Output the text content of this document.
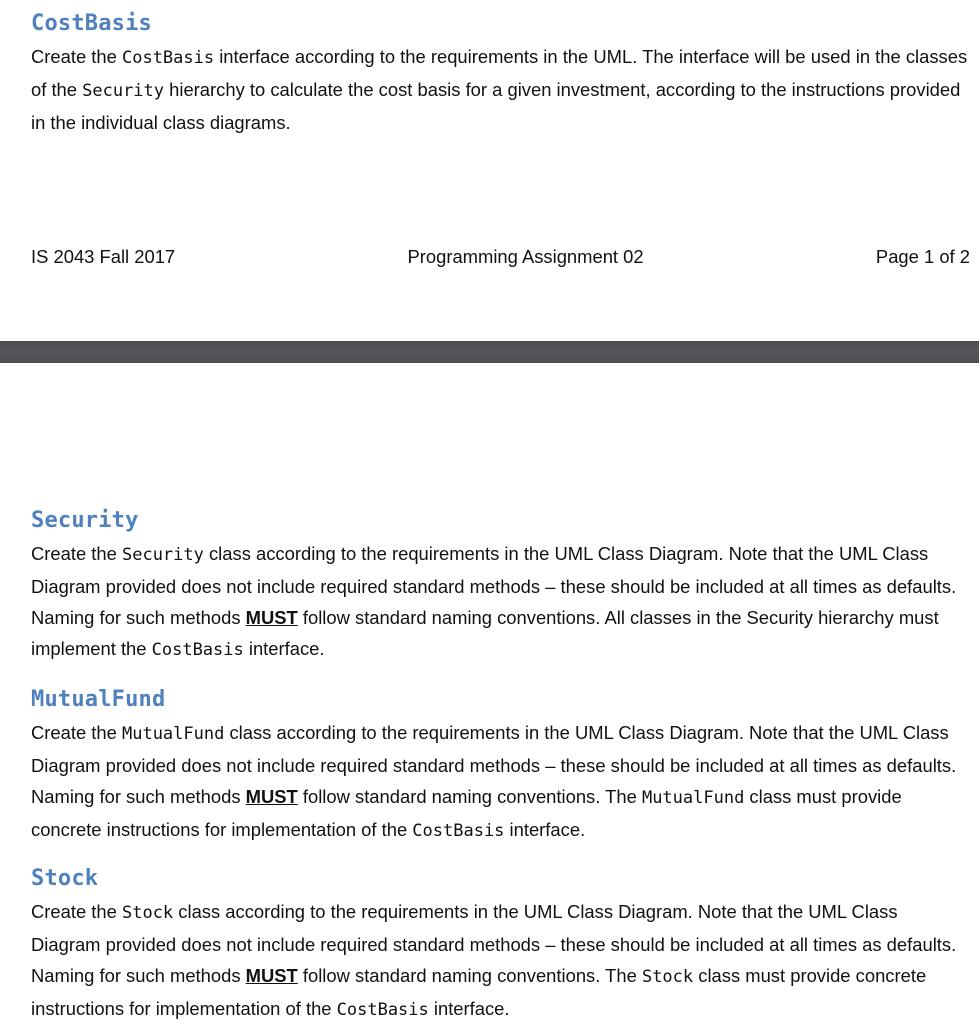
CostBasis

Create the CostBasis interface according to the requirements in the UML. The interface will be used in the classes of the Security hierarchy to calculate the cost basis for a given investment, according to the instructions provided in the individual class diagrams.

IS 2043 Fall 2017	Programming Assignment 02	Page 1 of 2
Security

Create the Security class according to the requirements in the UML Class Diagram. Note that the UML Class Diagram provided does not include required standard methods – these should be included at all times as defaults. Naming for such methods MUST follow standard naming conventions. All classes in the Security hierarchy must implement the CostBasis interface.

MutualFund

Create the MutualFund class according to the requirements in the UML Class Diagram. Note that the UML Class Diagram provided does not include required standard methods – these should be included at all times as defaults. Naming for such methods MUST follow standard naming conventions. The MutualFund class must provide concrete instructions for implementation of the CostBasis interface.

Stock

Create the Stock class according to the requirements in the UML Class Diagram. Note that the UML Class Diagram provided does not include required standard methods – these should be included at all times as defaults. Naming for such methods MUST follow standard naming conventions. The Stock class must provide concrete instructions for implementation of the CostBasis interface.
